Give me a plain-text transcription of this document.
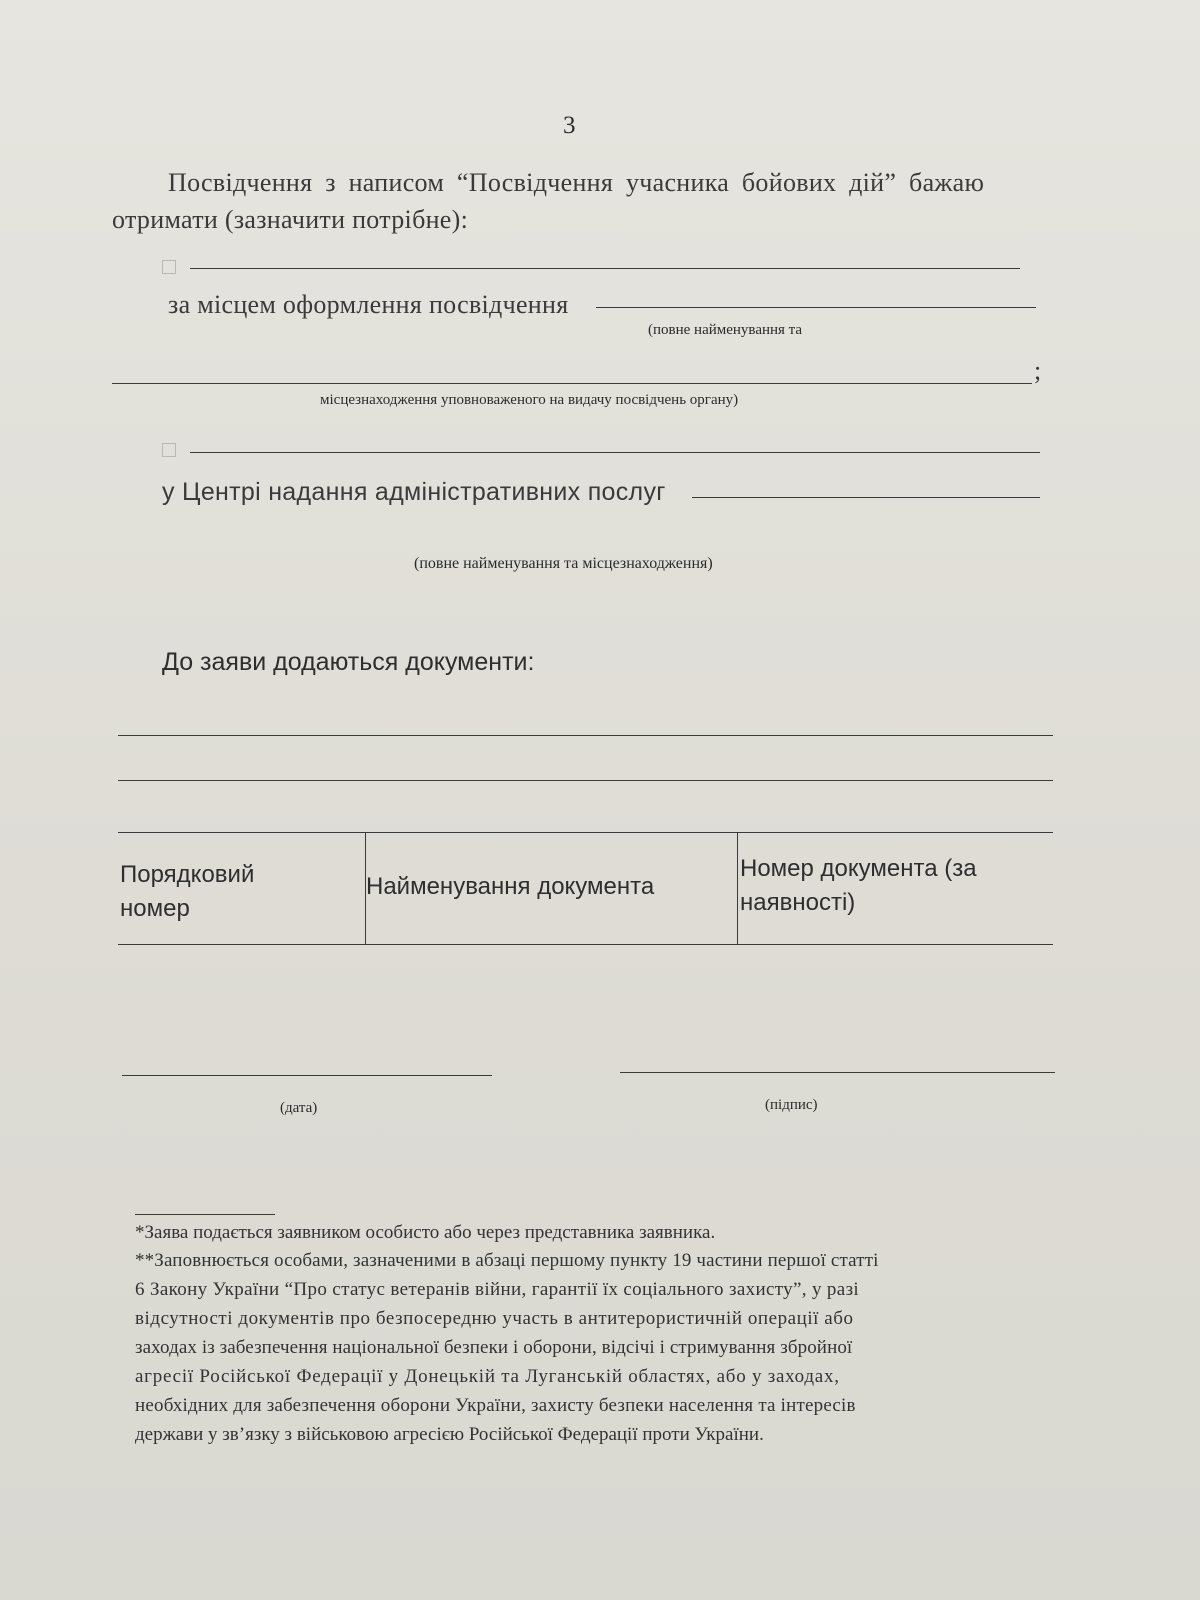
3
Посвідчення з написом “Посвідчення учасника бойових дій” бажаю
отримати (зазначити потрібне):
за місцем оформлення посвідчення
(повне найменування та
;
місцезнаходження уповноваженого на видачу посвідчень органу)
у Центрі надання адміністративних послуг
(повне найменування та місцезнаходження)
До заяви додаються документи:
Порядковий
номер
Найменування документа
Номер документа (за
наявності)
(дата)	(підпис)
*Заява подається заявником особисто або через представника заявника.
**Заповнюється особами, зазначеними в абзаці першому пункту 19 частини першої статті
6 Закону України “Про статус ветеранів війни, гарантії їх соціального захисту”, у разі
відсутності документів про безпосередню участь в антитерористичній операції або
заходах із забезпечення національної безпеки і оборони, відсічі і стримування збройної
агресії Російської Федерації у Донецькій та Луганській областях, або у заходах,
необхідних для забезпечення оборони України, захисту безпеки населення та інтересів
держави у зв’язку з військовою агресією Російської Федерації проти України.
